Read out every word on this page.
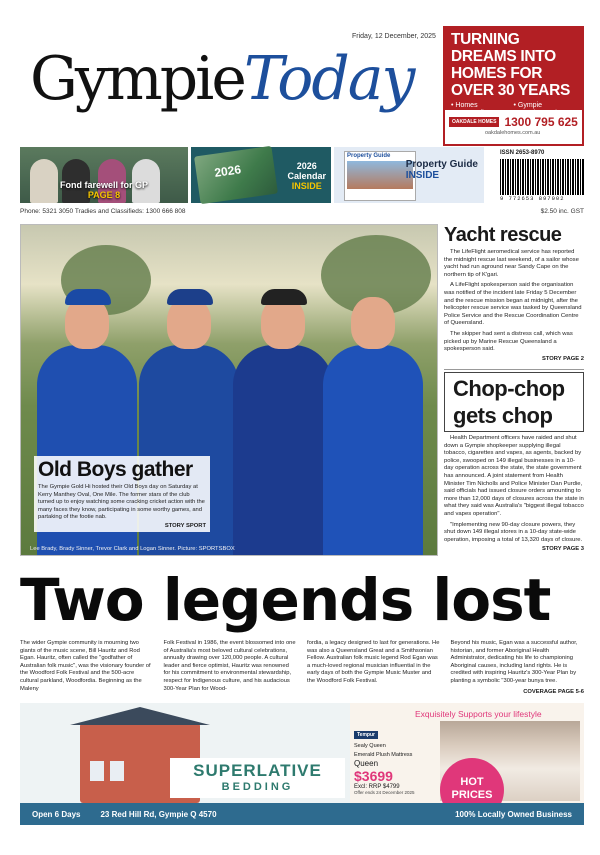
Friday, 12 December, 2025
Gympie Today
TURNING DREAMS INTO HOMES FOR OVER 30 YEARS
• Homes	• Gympie
• Granny flats	• Maryborough
OAKDALE HOMES 1300 795 625
oakdalehomes.com.au
Fond farewell for GP
PAGE 8
2026	2026
Calendar
INSIDE
Property Guide
Property Guide
INSIDE
ISSN 2653-8970
9 772653 897002
Phone: 5321 3050 Tradies and Classifieds: 1300 666 808	$2.50 inc. GST
Old Boys gather
The Gympie Gold Hi hosted their Old Boys day on Saturday at Kerry Manthey Oval, One Mile. The former stars of the club turned up to enjoy watching some cracking cricket action with the many faces they know, participating in some worthy games, and partaking of the footie nab.
STORY SPORT
Lee Brady, Brady Sinner, Trevor Clark and Logan Sinner. Picture: SPORTSBOX
Yacht rescue

The LifeFlight aeromedical service has reported the midnight rescue last weekend, of a sailor whose yacht had run aground near Sandy Cape on the northern tip of K'gari.

A LifeFlight spokesperson said the organisation was notified of the incident late Friday 5 December and the rescue mission began at midnight, after the helicopter rescue service was tasked by Queensland Police Service and the Rescue Coordination Centre of Queensland.

The skipper had sent a distress call, which was picked up by Marine Rescue Queensland a spokesperson said.

STORY PAGE 2
Chop-chop gets chop

Health Department officers have raided and shut down a Gympie shopkeeper supplying illegal tobacco, cigarettes and vapes, as agents, backed by police, swooped on 149 illegal businesses in a 10-day operation across the state, the state government has announced. A joint statement from Health Minister Tim Nicholls and Police Minister Dan Purdie, said officials had issued closure orders amounting to more than 12,000 days of closures across the state in what they said was Australia's "biggest illegal tobacco and vapes operation".

"Implementing new 90-day closure powers, they shut down 149 illegal stores in a 10-day state-wide operation, imposing a total of 13,320 days of closure.

STORY PAGE 3
Two legends lost

The wider Gympie community is mourning two giants of the music scene, Bill Hauritz and Rod Egan. Hauritz, often called the "godfather of Australian folk music", was the visionary founder of the Woodford Folk Festival and the 500-acre cultural parkland, Woodfordia. Beginning as the Maleny

Folk Festival in 1986, the event blossomed into one of Australia's most beloved cultural celebrations, annually drawing over 120,000 people. A cultural leader and fierce optimist, Hauritz was renowned for his commitment to environmental stewardship, respect for Indigenous culture, and his audacious 300-Year Plan for Wood-

fordia, a legacy designed to last for generations. He was also a Queensland Great and a Smithsonian Fellow. Australian folk music legend Rod Egan was a much-loved regional musician influential in the early days of both the Gympie Music Muster and the Woodford Folk Festival.

Beyond his music, Egan was a successful author, historian, and former Aboriginal Health Administrator, dedicating his life to championing Aboriginal causes, including land rights. He is credited with inspiring Hauritz's 300-Year Plan by planting a symbolic "300-year bunya tree.

COVERAGE PAGE 5-6
SUPERLATIVE
BEDDING
Exquisitely Supports your lifestyle
Tempur
Sealy Queen
Emerald Plush Mattress
Queen
$3699
Excl: RRP $4799
Offer ends 24 December 2025
HOT PRICES
Open 6 Days	23 Red Hill Rd, Gympie Q 4570	100% Locally Owned Business
